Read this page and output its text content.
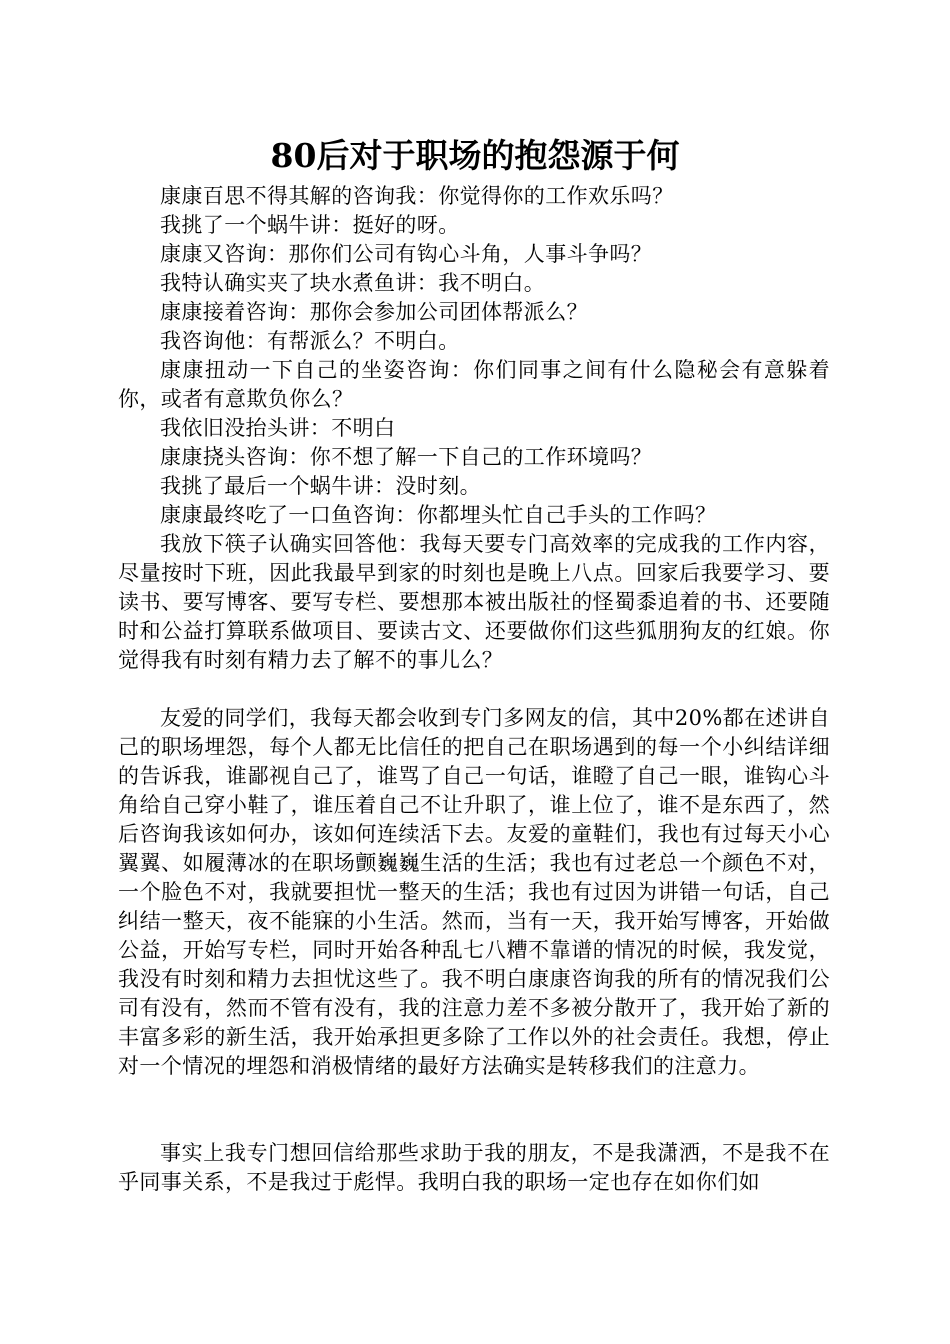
80后对于职场的抱怨源于何

康康百思不得其解的咨询我：你觉得你的工作欢乐吗？

我挑了一个蜗牛讲：挺好的呀。

康康又咨询：那你们公司有钩心斗角，人事斗争吗？

我特认确实夹了块水煮鱼讲：我不明白。

康康接着咨询：那你会参加公司团体帮派么？

我咨询他：有帮派么？不明白。

康康扭动一下自己的坐姿咨询：你们同事之间有什么隐秘会有意躲着你，或者有意欺负你么？

我依旧没抬头讲：不明白

康康挠头咨询：你不想了解一下自己的工作环境吗？

我挑了最后一个蜗牛讲：没时刻。

康康最终吃了一口鱼咨询：你都埋头忙自己手头的工作吗？

我放下筷子认确实回答他：我每天要专门高效率的完成我的工作内容，尽量按时下班，因此我最早到家的时刻也是晚上八点。回家后我要学习、要读书、要写博客、要写专栏、要想那本被出版社的怪蜀黍追着的书、还要随时和公益打算联系做项目、要读古文、还要做你们这些狐朋狗友的红娘。你觉得我有时刻有精力去了解不的事儿么？

友爱的同学们，我每天都会收到专门多网友的信，其中20%都在述讲自己的职场埋怨，每个人都无比信任的把自己在职场遇到的每一个小纠结详细的告诉我，谁鄙视自己了，谁骂了自己一句话，谁瞪了自己一眼，谁钩心斗角给自己穿小鞋了，谁压着自己不让升职了，谁上位了，谁不是东西了，然后咨询我该如何办，该如何连续活下去。友爱的童鞋们，我也有过每天小心翼翼、如履薄冰的在职场颤巍巍生活的生活；我也有过老总一个颜色不对，一个脸色不对，我就要担忧一整天的生活；我也有过因为讲错一句话，自己纠结一整天，夜不能寐的小生活。然而，当有一天，我开始写博客，开始做公益，开始写专栏，同时开始各种乱七八糟不靠谱的情况的时候，我发觉，我没有时刻和精力去担忧这些了。我不明白康康咨询我的所有的情况我们公司有没有，然而不管有没有，我的注意力差不多被分散开了，我开始了新的丰富多彩的新生活，我开始承担更多除了工作以外的社会责任。我想，停止对一个情况的埋怨和消极情绪的最好方法确实是转移我们的注意力。

事实上我专门想回信给那些求助于我的朋友，不是我潇洒，不是我不在乎同事关系，不是我过于彪悍。我明白我的职场一定也存在如你们如
